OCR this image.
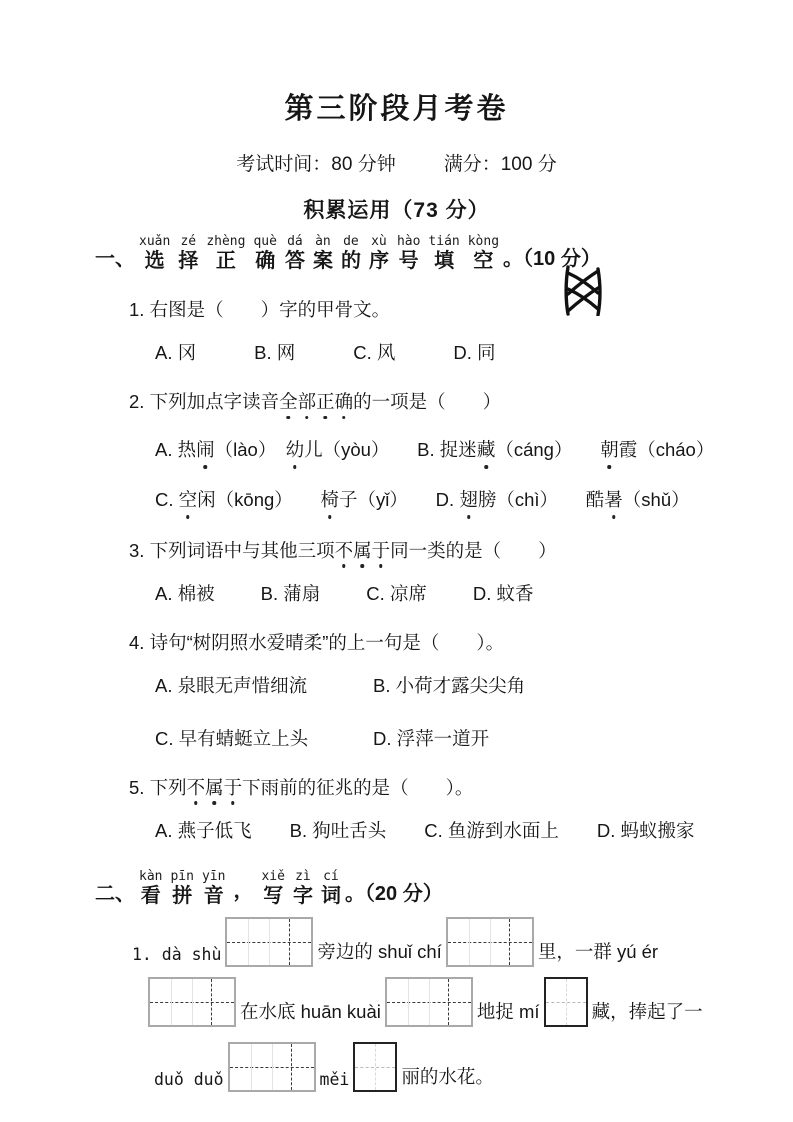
第三阶段月考卷
考试时间：80 分钟	满分：100 分
积累运用（73 分）
一、
xuǎn
选
zé
择
zhèng
正
què
确
dá
答
àn
案
de
的
xù
序
hào
号
tián
填
kòng
空 。（10 分）
1. 右图是（　　）字的甲骨文。
A. 冈	B. 网	C. 风	D. 同
2. 下列加点字读音全部正确的一项是（　　）
A. 热闹（lào）　幼儿（yòu）　　B. 捉迷藏（cáng）　　朝霞（cháo）
C. 空闲（kōng）　　椅子（yǐ）　　D. 翅膀（chì）　　酷暑（shǔ）
3. 下列词语中与其他三项不属于同一类的是（　　）
A. 棉被 B. 蒲扇 C. 凉席 D. 蚊香
4. 诗句“树阴照水爱晴柔”的上一句是（　　）。
A. 泉眼无声惜细流	B. 小荷才露尖尖角
C. 早有蜻蜓立上头	D. 浮萍一道开
5. 下列不属于下雨前的征兆的是（　　）。
A. 燕子低飞 B. 狗吐舌头 C. 鱼游到水面上 D. 蚂蚁搬家
二、
kàn
看
pīn
拼
yīn
音 ，
xiě
写
zì
字
cí
词 。（20 分）
1. dà shù	旁边的 shuǐ chí	里，一群 yú ér
在水底 huān kuài	地捉 mí	藏，捧起了一
duǒ duǒ	měi	丽的水花。
